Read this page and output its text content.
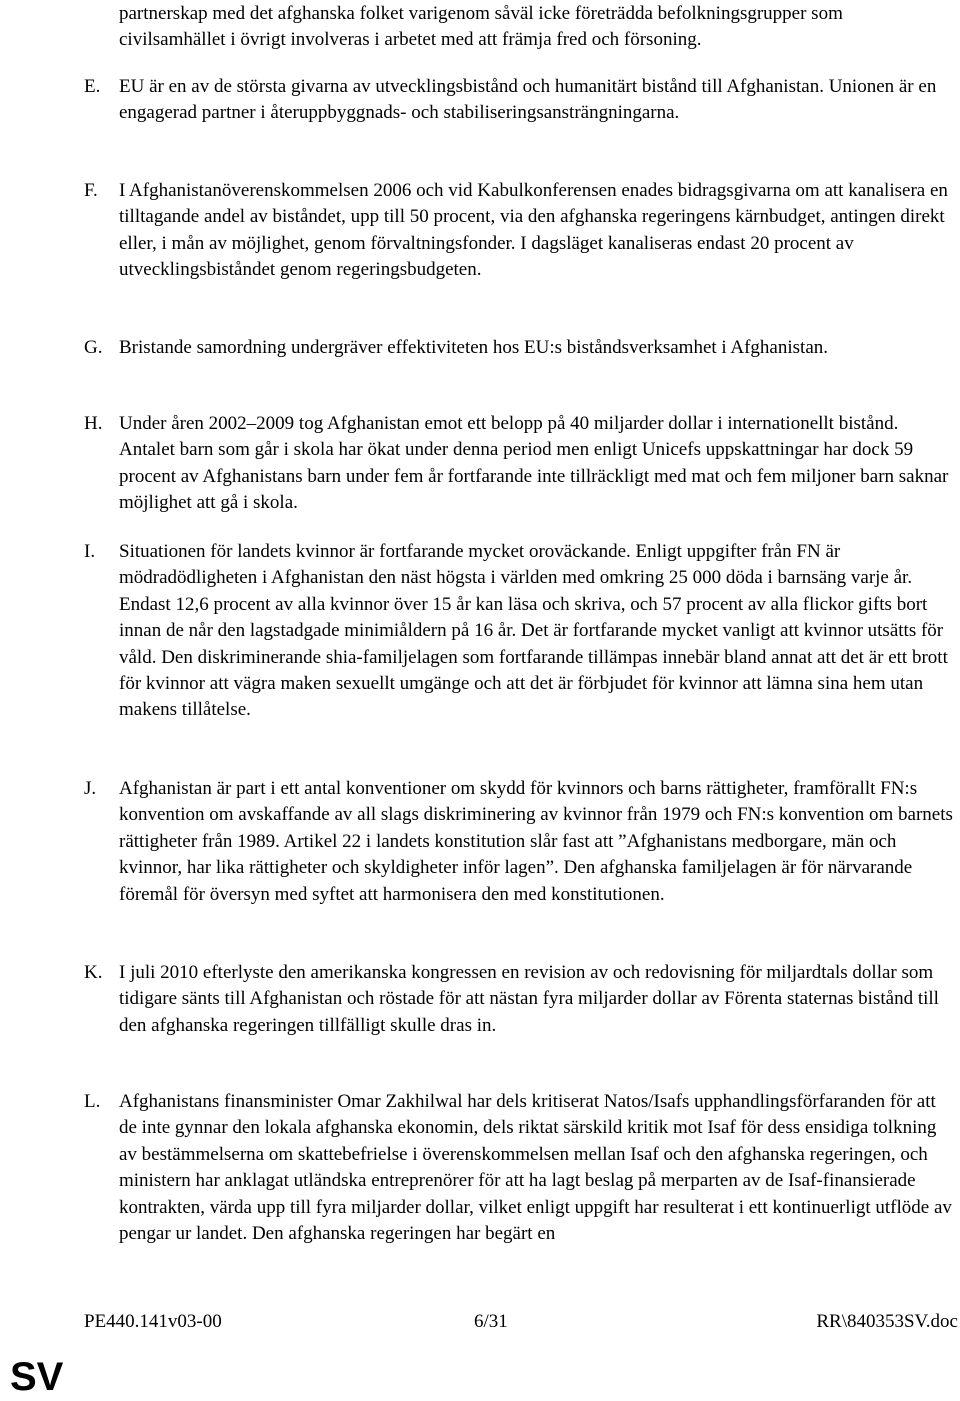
partnerskap med det afghanska folket varigenom såväl icke företrädda befolkningsgrupper som civilsamhället i övrigt involveras i arbetet med att främja fred och försoning.
E. EU är en av de största givarna av utvecklingsbistånd och humanitärt bistånd till Afghanistan. Unionen är en engagerad partner i återuppbyggnads- och stabiliseringsansträngningarna.
F. I Afghanistanöverenskommelsen 2006 och vid Kabulkonferensen enades bidragsgivarna om att kanalisera en tilltagande andel av biståndet, upp till 50 procent, via den afghanska regeringens kärnbudget, antingen direkt eller, i mån av möjlighet, genom förvaltningsfonder. I dagsläget kanaliseras endast 20 procent av utvecklingsbiståndet genom regeringsbudgeten.
G. Bristande samordning undergräver effektiviteten hos EU:s biståndsverksamhet i Afghanistan.
H. Under åren 2002–2009 tog Afghanistan emot ett belopp på 40 miljarder dollar i internationellt bistånd. Antalet barn som går i skola har ökat under denna period men enligt Unicefs uppskattningar har dock 59 procent av Afghanistans barn under fem år fortfarande inte tillräckligt med mat och fem miljoner barn saknar möjlighet att gå i skola.
I. Situationen för landets kvinnor är fortfarande mycket oroväckande. Enligt uppgifter från FN är mödradödligheten i Afghanistan den näst högsta i världen med omkring 25 000 döda i barnsäng varje år. Endast 12,6 procent av alla kvinnor över 15 år kan läsa och skriva, och 57 procent av alla flickor gifts bort innan de når den lagstadgade minimiåldern på 16 år. Det är fortfarande mycket vanligt att kvinnor utsätts för våld. Den diskriminerande shia-familjelagen som fortfarande tillämpas innebär bland annat att det är ett brott för kvinnor att vägra maken sexuellt umgänge och att det är förbjudet för kvinnor att lämna sina hem utan makens tillåtelse.
J. Afghanistan är part i ett antal konventioner om skydd för kvinnors och barns rättigheter, framförallt FN:s konvention om avskaffande av all slags diskriminering av kvinnor från 1979 och FN:s konvention om barnets rättigheter från 1989. Artikel 22 i landets konstitution slår fast att ”Afghanistans medborgare, män och kvinnor, har lika rättigheter och skyldigheter inför lagen”. Den afghanska familjelagen är för närvarande föremål för översyn med syftet att harmonisera den med konstitutionen.
K. I juli 2010 efterlyste den amerikanska kongressen en revision av och redovisning för miljardtals dollar som tidigare sänts till Afghanistan och röstade för att nästan fyra miljarder dollar av Förenta staternas bistånd till den afghanska regeringen tillfälligt skulle dras in.
L. Afghanistans finansminister Omar Zakhilwal har dels kritiserat Natos/Isafs upphandlingsförfaranden för att de inte gynnar den lokala afghanska ekonomin, dels riktat särskild kritik mot Isaf för dess ensidiga tolkning av bestämmelserna om skattebefrielse i överenskommelsen mellan Isaf och den afghanska regeringen, och ministern har anklagat utländska entreprenörer för att ha lagt beslag på merparten av de Isaf-finansierade kontrakten, värda upp till fyra miljarder dollar, vilket enligt uppgift har resulterat i ett kontinuerligt utflöde av pengar ur landet. Den afghanska regeringen har begärt en
PE440.141v03-00	6/31	RR\840353SV.doc
SV
